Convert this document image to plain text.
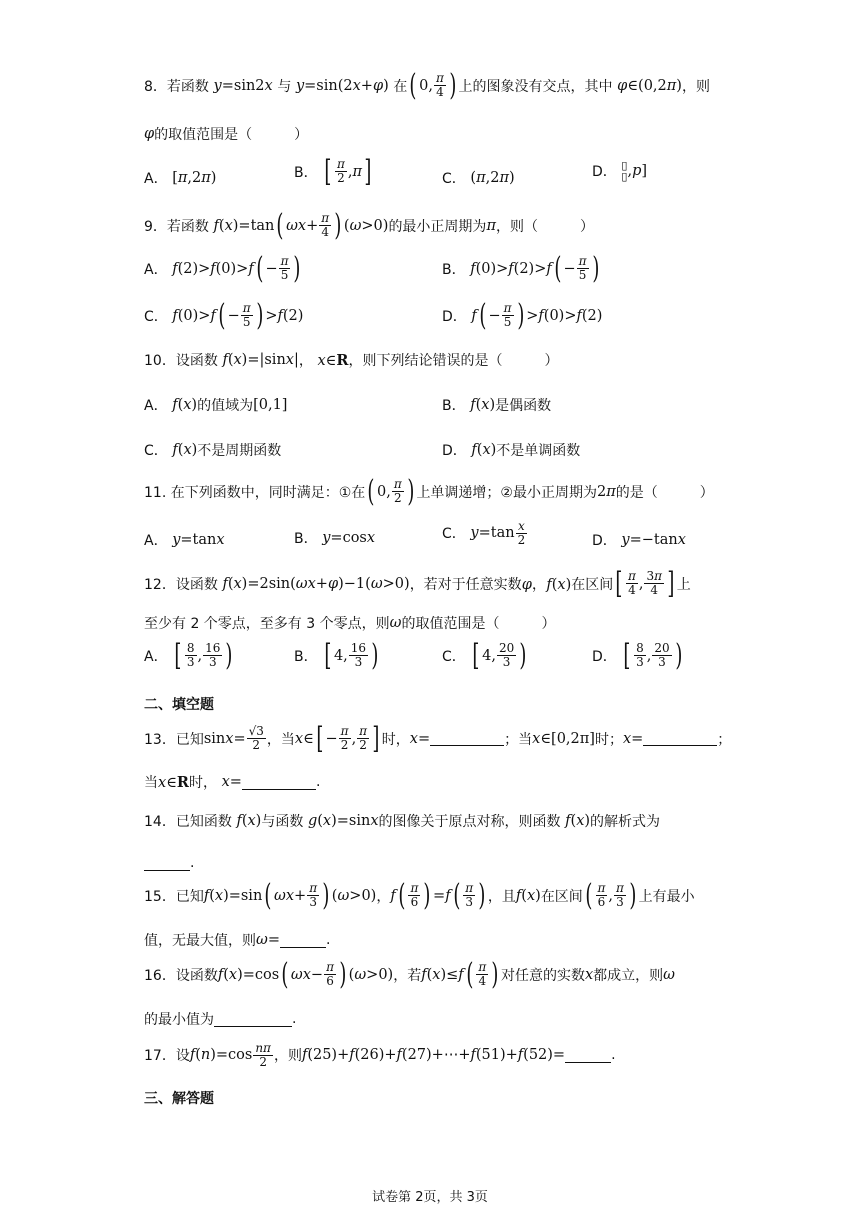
8．若函数 y=sin2x 与 y=sin(2x+φ) 在 ( 0, $\frac{\pi}{4}$ ) 上的图象没有交点，其中 φ∈(0,2π) ，则
φ 的取值范围是（　　　）
A．
[π,2π)	B．
[ $\frac{\pi}{2} ,\pi$ ]	C．
(π,2π)	D．
▯
▯ ,p]
9．若函数 f(x)=tan ( $\omega x+ \frac{\pi}{4}$ ) (ω>0) 的最小正周期为 π ，则（　　　）
A．
f(2)>f(0)>f ( − $\frac{\pi}{5}$ )	B．
f(0)>f(2)>f ( − $\frac{\pi}{5}$ )
C．
f(0)>f ( − $\frac{\pi}{5}$ ) >f(2)	D．
f ( − $\frac{\pi}{5}$ ) >f(0)>f(2)
10．设函数 f(x)=|sinx| ， x∈R ，则下列结论错误的是（　　　）
A．
f(x) 的值域为 [0,1]	B．
f(x) 是偶函数
C．
f(x) 不是周期函数	D．
f(x) 不是单调函数
11. 在下列函数中，同时满足：①在 ( 0, $\frac{\pi}{2}$ ) 上单调递增；②最小正周期为 2π 的是（　　　）
A．
y=tanx	B．
y=cosx	C．
$y=\tan \frac{x}{2}$	D．
y=−tanx
12．设函数 f(x)=2sin(ωx+φ)−1(ω>0) ，若对于任意实数 φ，f(x) 在区间 [ $\frac{\pi}{4}$ , $\frac{3\pi}{4}$ ] 上
至少有 2 个零点，至多有 3 个零点，则 ω 的取值范围是（　　　）
A．
[ $\frac{8}{3}$ , $\frac{16}{3}$ )	B．
[ 4, $\frac{16}{3}$ )	C．
[ 4, $\frac{20}{3}$ )	D．
[ $\frac{8}{3}$ , $\frac{20}{3}$ )
二、填空题
13．已知 $\sin x= \frac{√3}{2}$ ，当 x∈ [ − $\frac{\pi}{2}$ , $\frac{\pi}{2}$ ] 时， x=	；当 x∈[0,2π] 时； x=	；
当 x∈R 时， x=	.
14．已知函数 f(x) 与函数 g(x)=sinx 的图像关于原点对称，则函数 f(x) 的解析式为
.
15．已知 f(x)=sin ( $\omega x+ \frac{\pi}{3}$ ) (ω>0) ， f ( $\frac{\pi}{6}$ ) =f ( $\frac{\pi}{3}$ ) ，且 f(x) 在区间 ( $\frac{\pi}{6}$ , $\frac{\pi}{3}$ ) 上有最小
值，无最大值，则 ω=	.
16．设函数 f(x)=cos ( $\omega x- \frac{\pi}{6}$ ) (ω>0) ，若 f(x)≤f ( $\frac{\pi}{4}$ ) 对任意的实数 x 都成立，则 ω
的最小值为	.
17．设 $f(n)=\cos \frac{n\pi}{2}$ ，则 f(25)+f(26)+f(27)+⋯+f(51)+f(52)=	.
三、解答题
试卷第 2页，共 3页
